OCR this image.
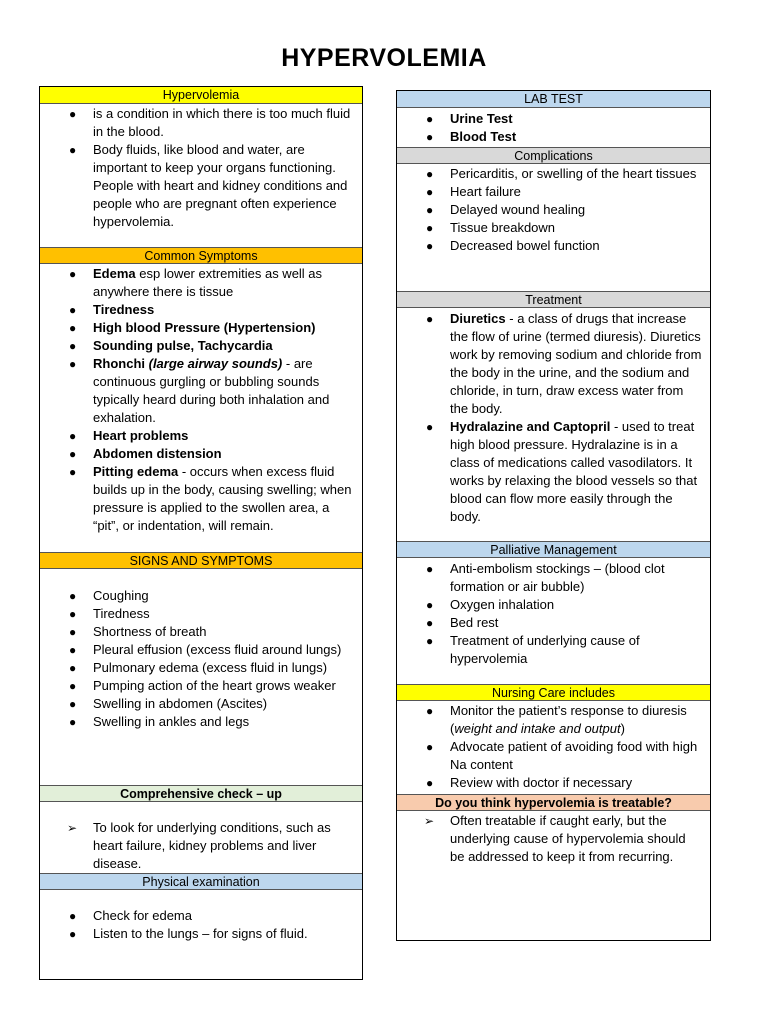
HYPERVOLEMIA
Hypervolemia
● is a condition in which there is too much fluid in the blood.
● Body fluids, like blood and water, are important to keep your organs functioning. People with heart and kidney conditions and people who are pregnant often experience hypervolemia.
Common Symptoms
● Edema esp lower extremities as well as anywhere there is tissue
● Tiredness
● High blood Pressure (Hypertension)
● Sounding pulse, Tachycardia
● Rhonchi (large airway sounds) - are continuous gurgling or bubbling sounds typically heard during both inhalation and exhalation.
● Heart problems
● Abdomen distension
● Pitting edema - occurs when excess fluid builds up in the body, causing swelling; when pressure is applied to the swollen area, a “pit”, or indentation, will remain.
SIGNS AND SYMPTOMS
● Coughing
● Tiredness
● Shortness of breath
● Pleural effusion (excess fluid around lungs)
● Pulmonary edema (excess fluid in lungs)
● Pumping action of the heart grows weaker
● Swelling in abdomen (Ascites)
● Swelling in ankles and legs
Comprehensive check – up
➢ To look for underlying conditions, such as heart failure, kidney problems and liver disease.
Physical examination
● Check for edema
● Listen to the lungs – for signs of fluid.
LAB TEST
● Urine Test
● Blood Test
Complications
● Pericarditis, or swelling of the heart tissues
● Heart failure
● Delayed wound healing
● Tissue breakdown
● Decreased bowel function
Treatment
● Diuretics - a class of drugs that increase the flow of urine (termed diuresis). Diuretics work by removing sodium and chloride from the body in the urine, and the sodium and chloride, in turn, draw excess water from the body.
● Hydralazine and Captopril - used to treat high blood pressure. Hydralazine is in a class of medications called vasodilators. It works by relaxing the blood vessels so that blood can flow more easily through the body.
Palliative Management
● Anti-embolism stockings – (blood clot formation or air bubble)
● Oxygen inhalation
● Bed rest
● Treatment of underlying cause of hypervolemia
Nursing Care includes
● Monitor the patient’s response to diuresis (weight and intake and output)
● Advocate patient of avoiding food with high Na content
● Review with doctor if necessary
Do you think hypervolemia is treatable?
➢ Often treatable if caught early, but the underlying cause of hypervolemia should be addressed to keep it from recurring.
